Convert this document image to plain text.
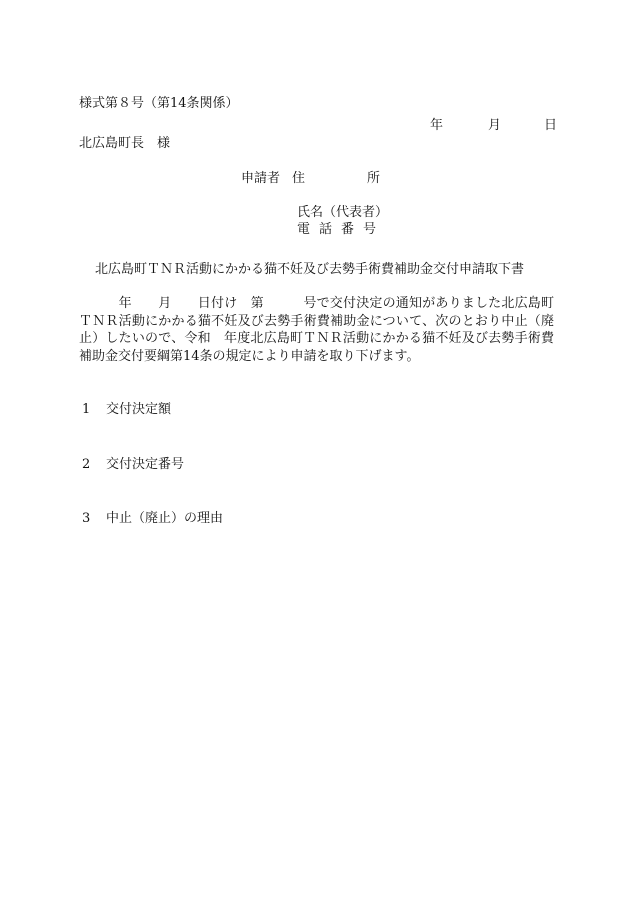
様式第８号（第14条関係）
年	月	日
北広島町長　様
申請者 住所
氏名（代表者）
電話番号
北広島町ＴＮＲ活動にかかる猫不妊及び去勢手術費補助金交付申請取下書
　　　年　　月　　日付け　第　　　号で交付決定の通知がありました北広島町ＴＮＲ活動にかかる猫不妊及び去勢手術費補助金について、次のとおり中止（廃止）したいので、令和　年度北広島町ＴＮＲ活動にかかる猫不妊及び去勢手術費補助金交付要綱第14条の規定により申請を取り下げます。
1 交付決定額
2 交付決定番号
3 中止（廃止）の理由
